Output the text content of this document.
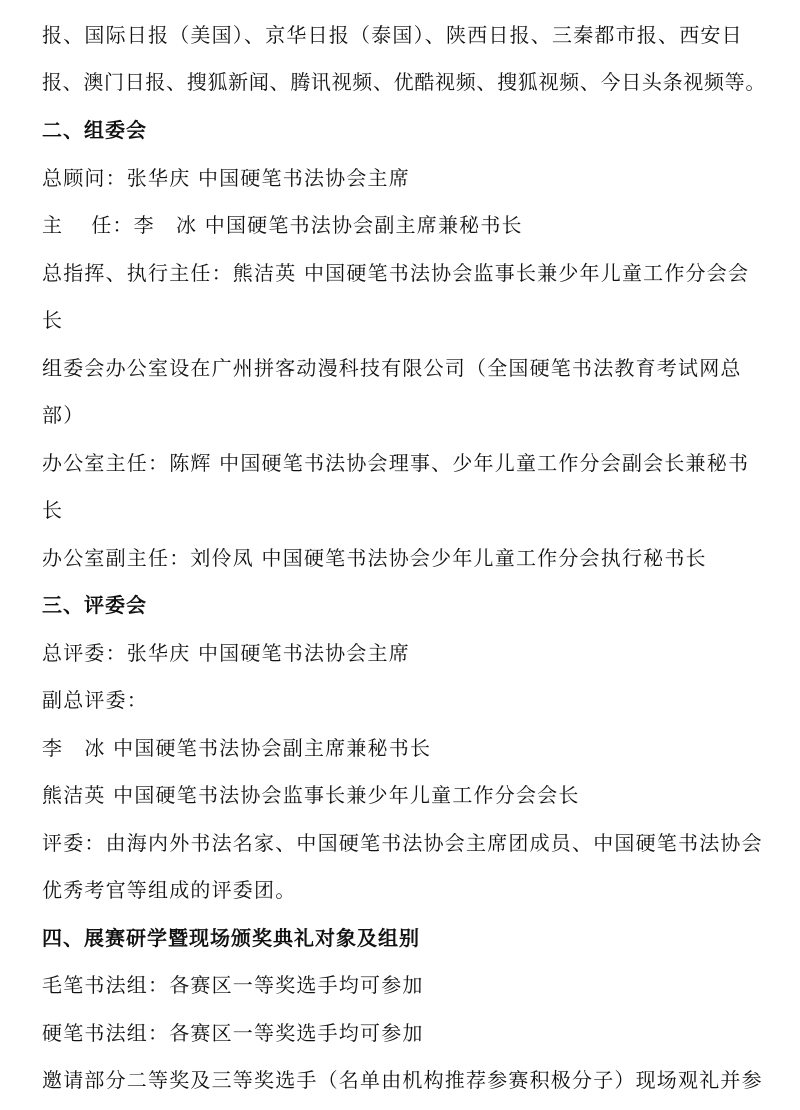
报、国际日报（美国）、京华日报（泰国）、陕西日报、三秦都市报、西安日
报、澳门日报、搜狐新闻、腾讯视频、优酷视频、搜狐视频、今日头条视频等。
二、组委会
总顾问：张华庆 中国硬笔书法协会主席
主 任：李　冰 中国硬笔书法协会副主席兼秘书长
总指挥、执行主任：熊洁英 中国硬笔书法协会监事长兼少年儿童工作分会会
长
组委会办公室设在广州拼客动漫科技有限公司（全国硬笔书法教育考试网总
部）
办公室主任：陈辉 中国硬笔书法协会理事、少年儿童工作分会副会长兼秘书
长
办公室副主任：刘伶凤 中国硬笔书法协会少年儿童工作分会执行秘书长
三、评委会
总评委：张华庆 中国硬笔书法协会主席
副总评委：
李　冰 中国硬笔书法协会副主席兼秘书长
熊洁英 中国硬笔书法协会监事长兼少年儿童工作分会会长
评委：由海内外书法名家、中国硬笔书法协会主席团成员、中国硬笔书法协会
优秀考官等组成的评委团。
四、展赛研学暨现场颁奖典礼对象及组别
毛笔书法组：各赛区一等奖选手均可参加
硬笔书法组：各赛区一等奖选手均可参加
邀请部分二等奖及三等奖选手（名单由机构推荐参赛积极分子）现场观礼并参
